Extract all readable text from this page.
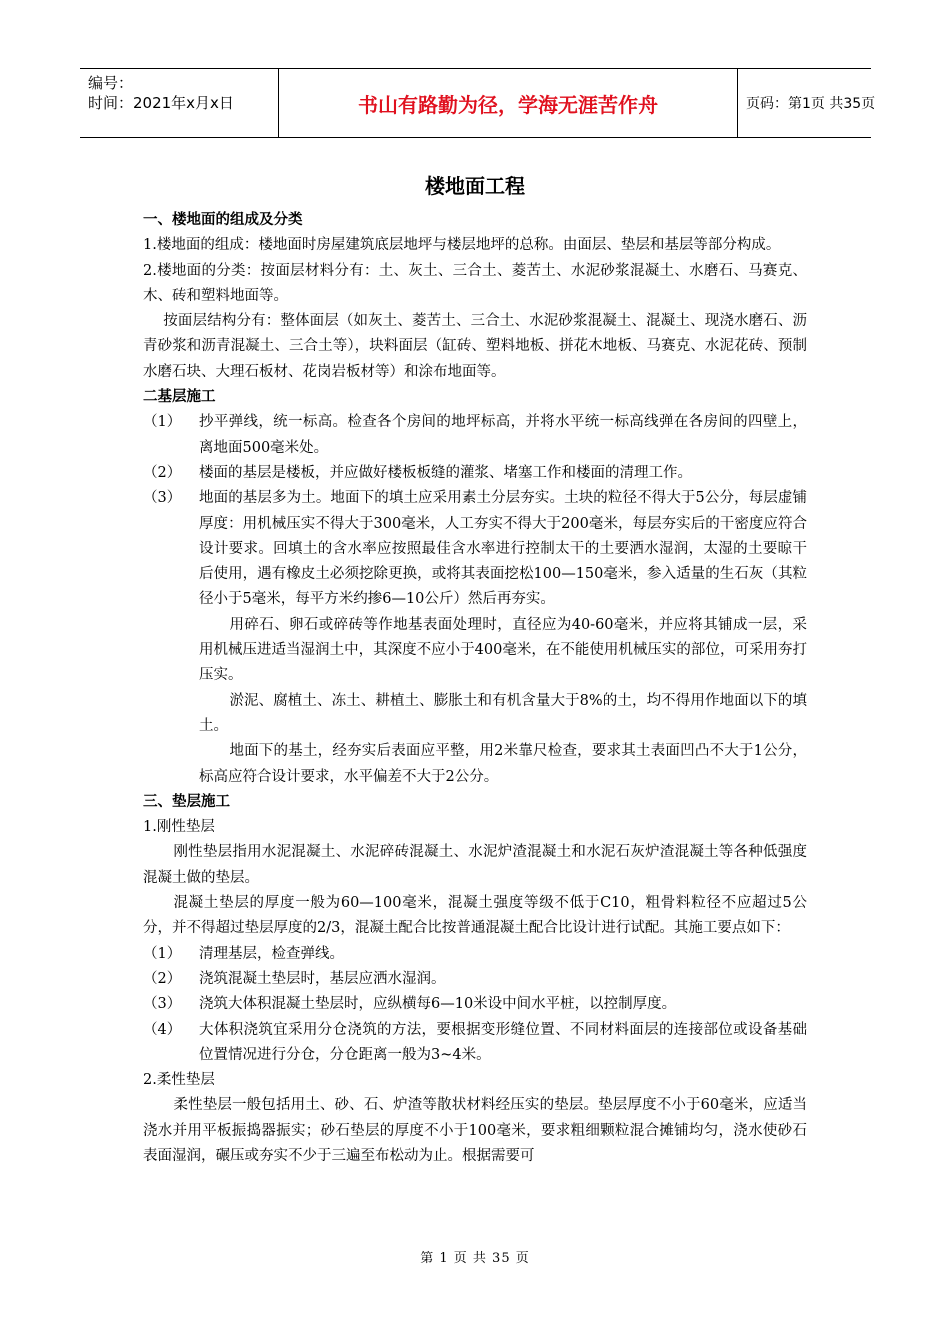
编号：
时间：2021年x月x日	书山有路勤为径，学海无涯苦作舟	页码：第1页 共35页
楼地面工程

一、楼地面的组成及分类

1.楼地面的组成：楼地面时房屋建筑底层地坪与楼层地坪的总称。由面层、垫层和基层等部分构成。

2.楼地面的分类：按面层材料分有：土、灰土、三合土、菱苦土、水泥砂浆混凝土、水磨石、马赛克、木、砖和塑料地面等。

按面层结构分有：整体面层（如灰土、菱苦土、三合土、水泥砂浆混凝土、混凝土、现浇水磨石、沥青砂浆和沥青混凝土、三合土等），块料面层（缸砖、塑料地板、拼花木地板、马赛克、水泥花砖、预制水磨石块、大理石板材、花岗岩板材等）和涂布地面等。

二基层施工

（1）	抄平弹线，统一标高。检查各个房间的地坪标高，并将水平统一标高线弹在各房间的四壁上，离地面500毫米处。
（2）	楼面的基层是楼板，并应做好楼板板缝的灌浆、堵塞工作和楼面的清理工作。
（3）	地面的基层多为土。地面下的填土应采用素土分层夯实。土块的粒径不得大于5公分，每层虚铺厚度：用机械压实不得大于300毫米，人工夯实不得大于200毫米，每层夯实后的干密度应符合设计要求。回填土的含水率应按照最佳含水率进行控制太干的土要洒水湿润，太湿的土要晾干后使用，遇有橡皮土必须挖除更换，或将其表面挖松100—150毫米，参入适量的生石灰（其粒径小于5毫米，每平方米约掺6—10公斤）然后再夯实。

用碎石、卵石或碎砖等作地基表面处理时，直径应为40-60毫米，并应将其铺成一层，采用机械压进适当湿润土中，其深度不应小于400毫米，在不能使用机械压实的部位，可采用夯打压实。

淤泥、腐植土、冻土、耕植土、膨胀土和有机含量大于8%的土，均不得用作地面以下的填土。

地面下的基土，经夯实后表面应平整，用2米靠尺检查，要求其土表面凹凸不大于1公分，标高应符合设计要求，水平偏差不大于2公分。

三、垫层施工

1.刚性垫层

刚性垫层指用水泥混凝土、水泥碎砖混凝土、水泥炉渣混凝土和水泥石灰炉渣混凝土等各种低强度混凝土做的垫层。

混凝土垫层的厚度一般为60—100毫米，混凝土强度等级不低于C10，粗骨料粒径不应超过5公分，并不得超过垫层厚度的2/3，混凝土配合比按普通混凝土配合比设计进行试配。其施工要点如下：

（1）	清理基层，检查弹线。
（2）	浇筑混凝土垫层时，基层应洒水湿润。
（3）	浇筑大体积混凝土垫层时，应纵横每6—10米设中间水平桩，以控制厚度。
（4）	大体积浇筑宜采用分仓浇筑的方法，要根据变形缝位置、不同材料面层的连接部位或设备基础位置情况进行分仓，分仓距离一般为3~4米。

2.柔性垫层

柔性垫层一般包括用土、砂、石、炉渣等散状材料经压实的垫层。垫层厚度不小于60毫米，应适当浇水并用平板振捣器振实；砂石垫层的厚度不小于100毫米，要求粗细颗粒混合摊铺均匀，浇水使砂石表面湿润，碾压或夯实不少于三遍至布松动为止。根据需要可

第 1 页 共 35 页
